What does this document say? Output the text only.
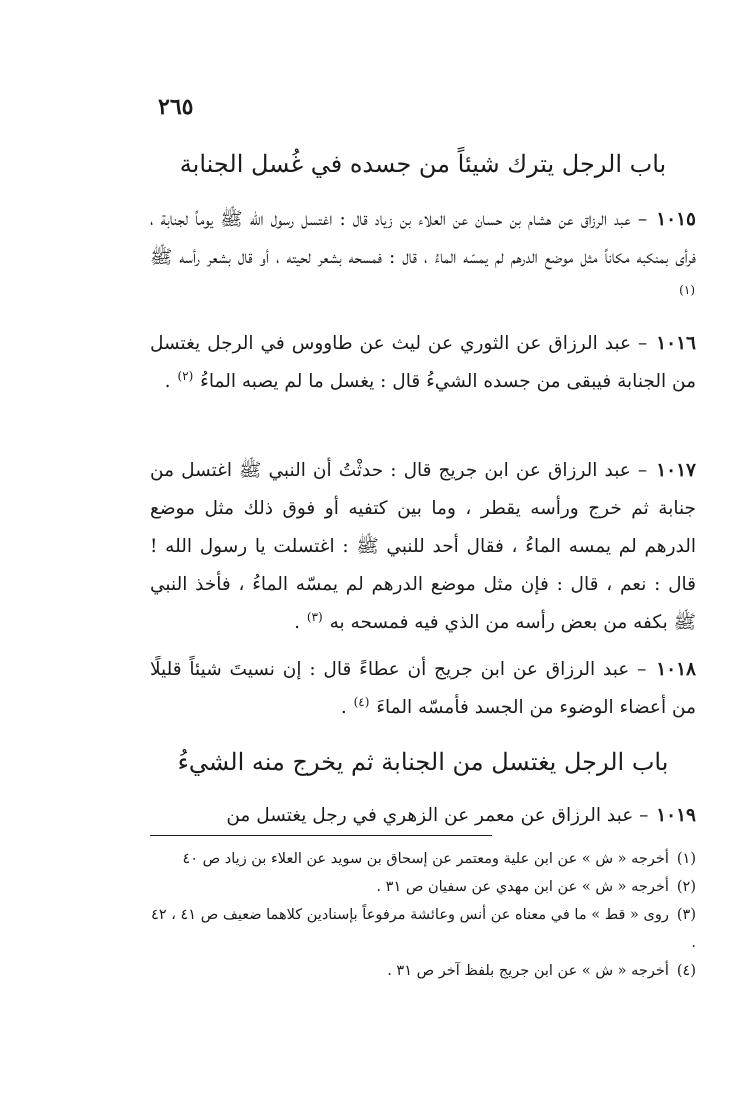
٢٦٥
باب الرجل يترك شيئاً من جسده في غُسل الجنابة
١٠١٥ – عبد الرزاق عن هشام بن حسان عن العلاء بن زياد قال : اغتسل رسول الله ﷺ يوماً لجنابة ، فرأى بمنكبه مكاناً مثل موضع الدرهم لم يمسّه الماءُ ، قال : فمسحه بشعر لحيته ، أو قال بشعر رأسه ﷺ $^{(١)}$
١٠١٦ – عبد الرزاق عن الثوري عن ليث عن طاووس في الرجل يغتسل من الجنابة فيبقى من جسده الشيءُ قال : يغسل ما لم يصبه الماءُ $^{(٢)}$ .
١٠١٧ – عبد الرزاق عن ابن جريج قال : حدثْتُ أن النبي ﷺ اغتسل من جنابة ثم خرج ورأسه يقطر ، وما بين كتفيه أو فوق ذلك مثل موضع الدرهم لم يمسه الماءُ ، فقال أحد للنبي ﷺ : اغتسلت يا رسول الله ! قال : نعم ، قال : فإن مثل موضع الدرهم لم يمسّه الماءُ ، فأخذ النبي ﷺ بكفه من بعض رأسه من الذي فيه فمسحه به $^{(٣)}$ .
١٠١٨ – عبد الرزاق عن ابن جريج أن عطاءً قال : إن نسيتَ شيئاً قليلًا من أعضاء الوضوء من الجسد فأمسّه الماءَ $^{(٤)}$ .
باب الرجل يغتسل من الجنابة ثم يخرج منه الشيءُ
١٠١٩ – عبد الرزاق عن معمر عن الزهري في رجل يغتسل من
(١)أخرجه « ش » عن ابن علية ومعتمر عن إسحاق بن سويد عن العلاء بن زياد ص ٤٠
(٢)أخرجه « ش » عن ابن مهدي عن سفيان ص ٣١ .
(٣)روى « قط » ما في معناه عن أنس وعائشة مرفوعاً بإسنادين كلاهما ضعيف ص ٤١ ، ٤٢ .
(٤)أخرجه « ش » عن ابن جريج بلفظ آخر ص ٣١ .
